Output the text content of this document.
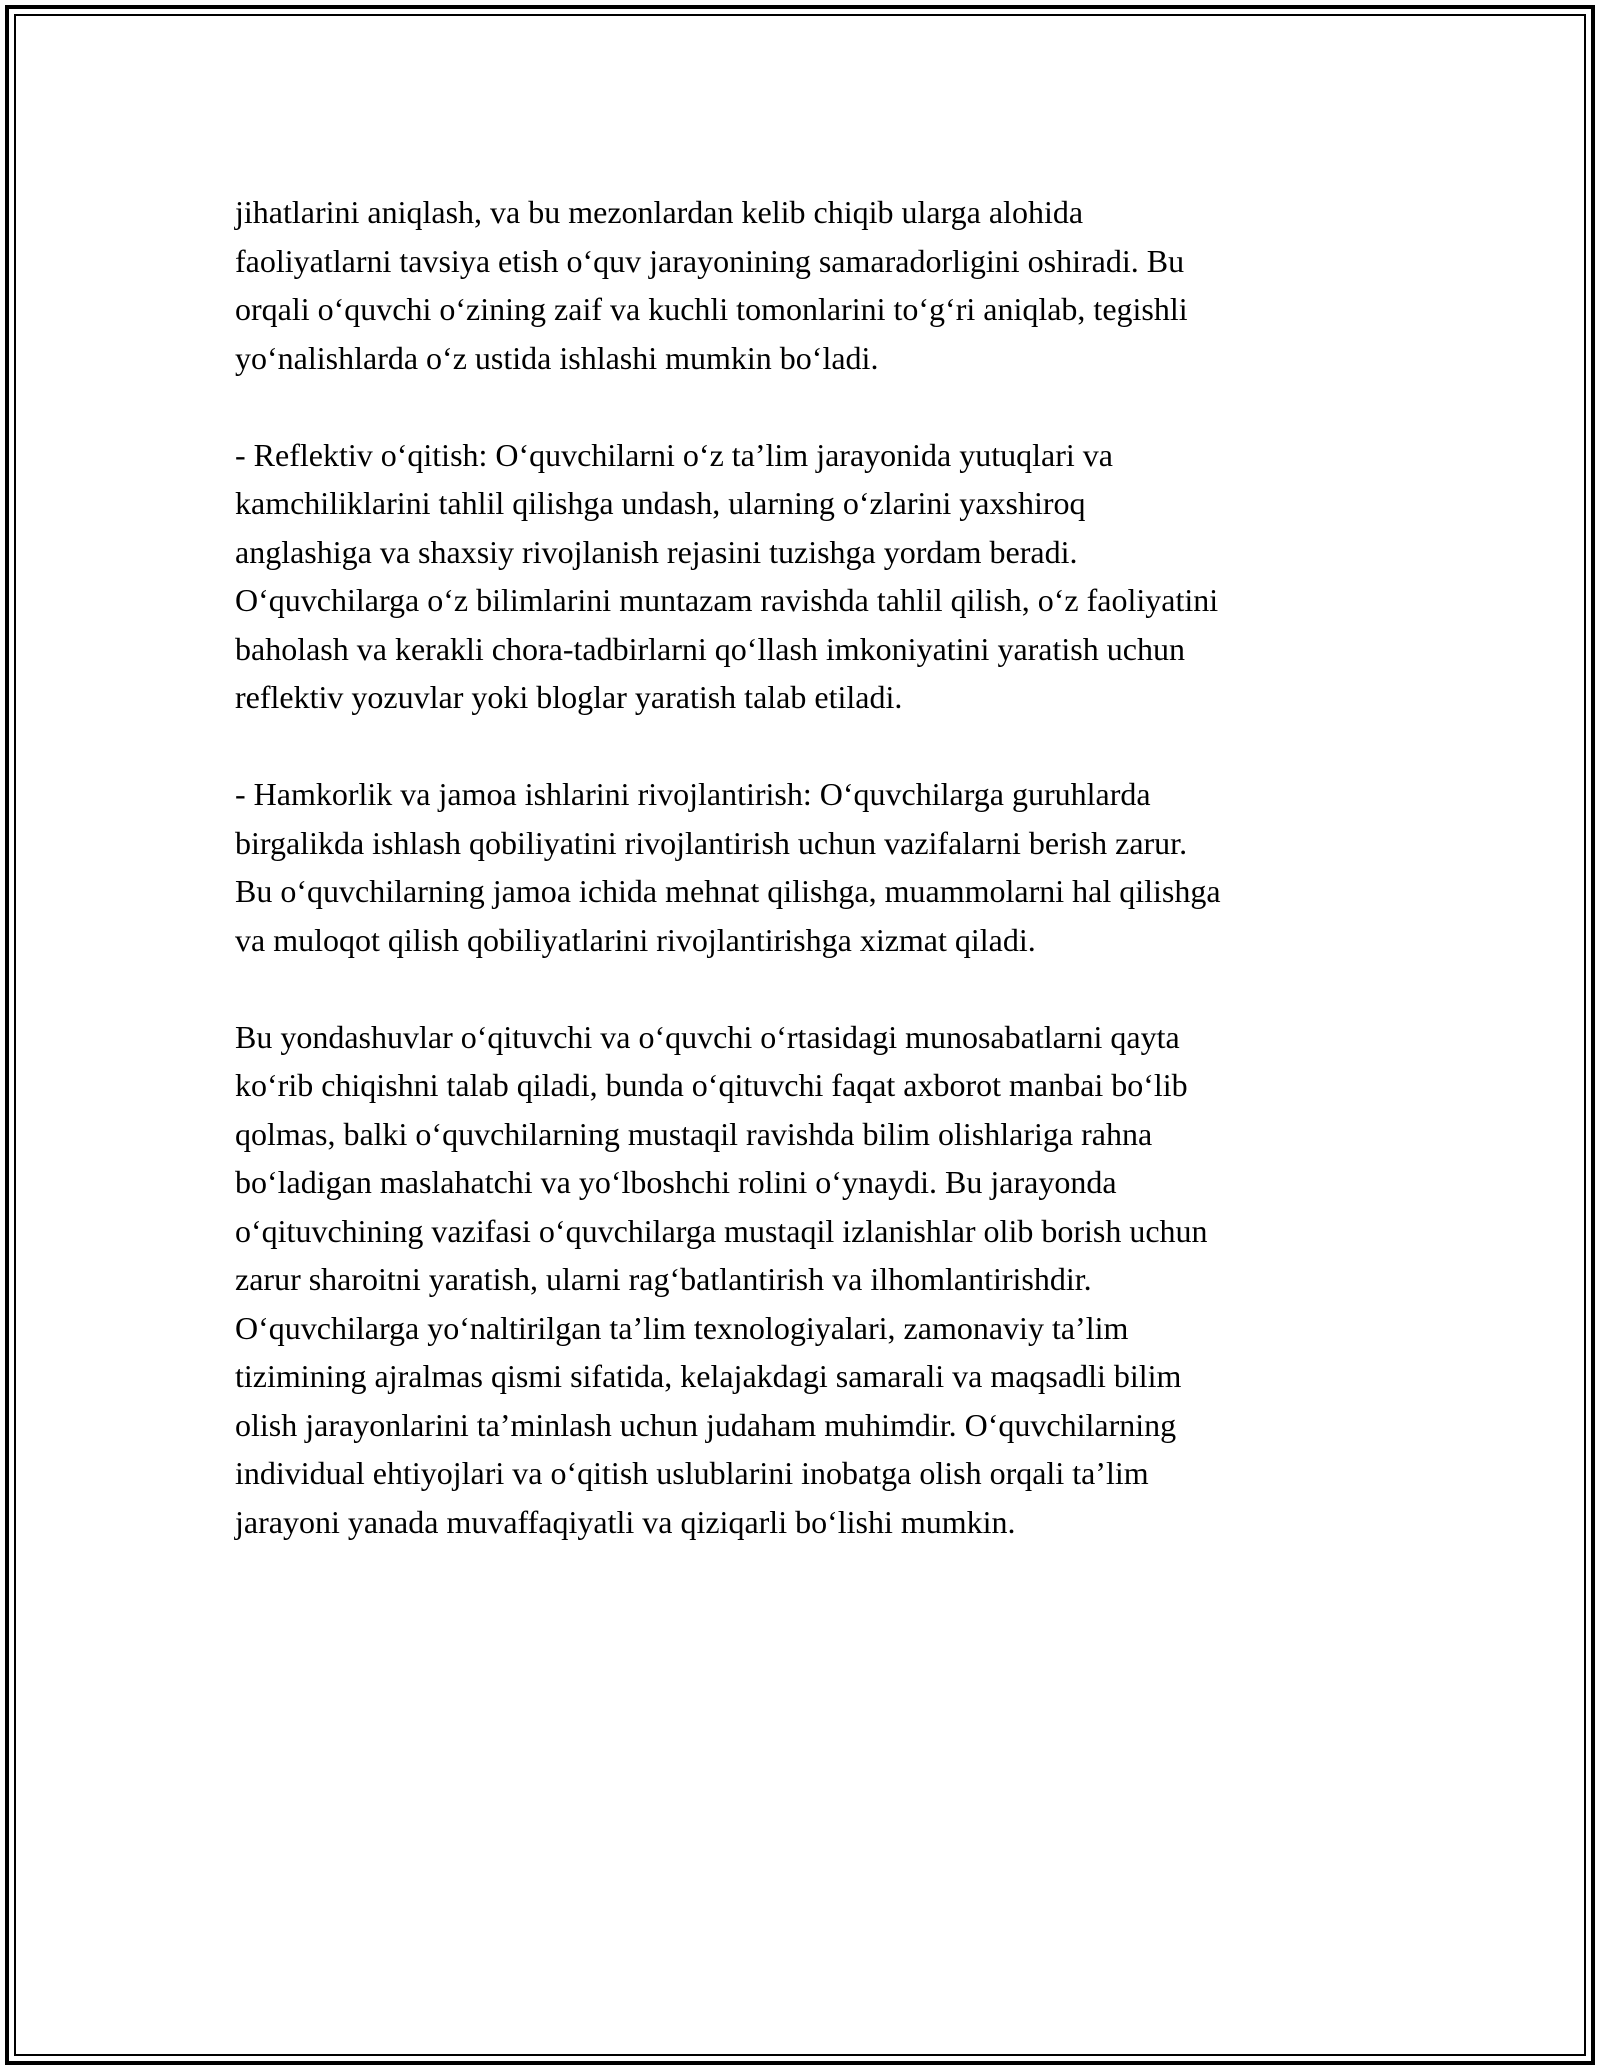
jihatlarini aniqlash, va bu mezonlardan kelib chiqib ularga alohida
faoliyatlarni tavsiya etish o‘quv jarayonining samaradorligini oshiradi. Bu
orqali o‘quvchi o‘zining zaif va kuchli tomonlarini to‘g‘ri aniqlab, tegishli
yo‘nalishlarda o‘z ustida ishlashi mumkin bo‘ladi.

- Reflektiv o‘qitish: O‘quvchilarni o‘z ta’lim jarayonida yutuqlari va
kamchiliklarini tahlil qilishga undash, ularning o‘zlarini yaxshiroq
anglashiga va shaxsiy rivojlanish rejasini tuzishga yordam beradi.
O‘quvchilarga o‘z bilimlarini muntazam ravishda tahlil qilish, o‘z faoliyatini
baholash va kerakli chora-tadbirlarni qo‘llash imkoniyatini yaratish uchun
reflektiv yozuvlar yoki bloglar yaratish talab etiladi.

- Hamkorlik va jamoa ishlarini rivojlantirish: O‘quvchilarga guruhlarda
birgalikda ishlash qobiliyatini rivojlantirish uchun vazifalarni berish zarur.
Bu o‘quvchilarning jamoa ichida mehnat qilishga, muammolarni hal qilishga
va muloqot qilish qobiliyatlarini rivojlantirishga xizmat qiladi.

Bu yondashuvlar o‘qituvchi va o‘quvchi o‘rtasidagi munosabatlarni qayta
ko‘rib chiqishni talab qiladi, bunda o‘qituvchi faqat axborot manbai bo‘lib
qolmas, balki o‘quvchilarning mustaqil ravishda bilim olishlariga rahna
bo‘ladigan maslahatchi va yo‘lboshchi rolini o‘ynaydi. Bu jarayonda
o‘qituvchining vazifasi o‘quvchilarga mustaqil izlanishlar olib borish uchun
zarur sharoitni yaratish, ularni rag‘batlantirish va ilhomlantirishdir.
O‘quvchilarga yo‘naltirilgan ta’lim texnologiyalari, zamonaviy ta’lim
tizimining ajralmas qismi sifatida, kelajakdagi samarali va maqsadli bilim
olish jarayonlarini ta’minlash uchun judaham muhimdir. O‘quvchilarning
individual ehtiyojlari va o‘qitish uslublarini inobatga olish orqali ta’lim
jarayoni yanada muvaffaqiyatli va qiziqarli bo‘lishi mumkin.
